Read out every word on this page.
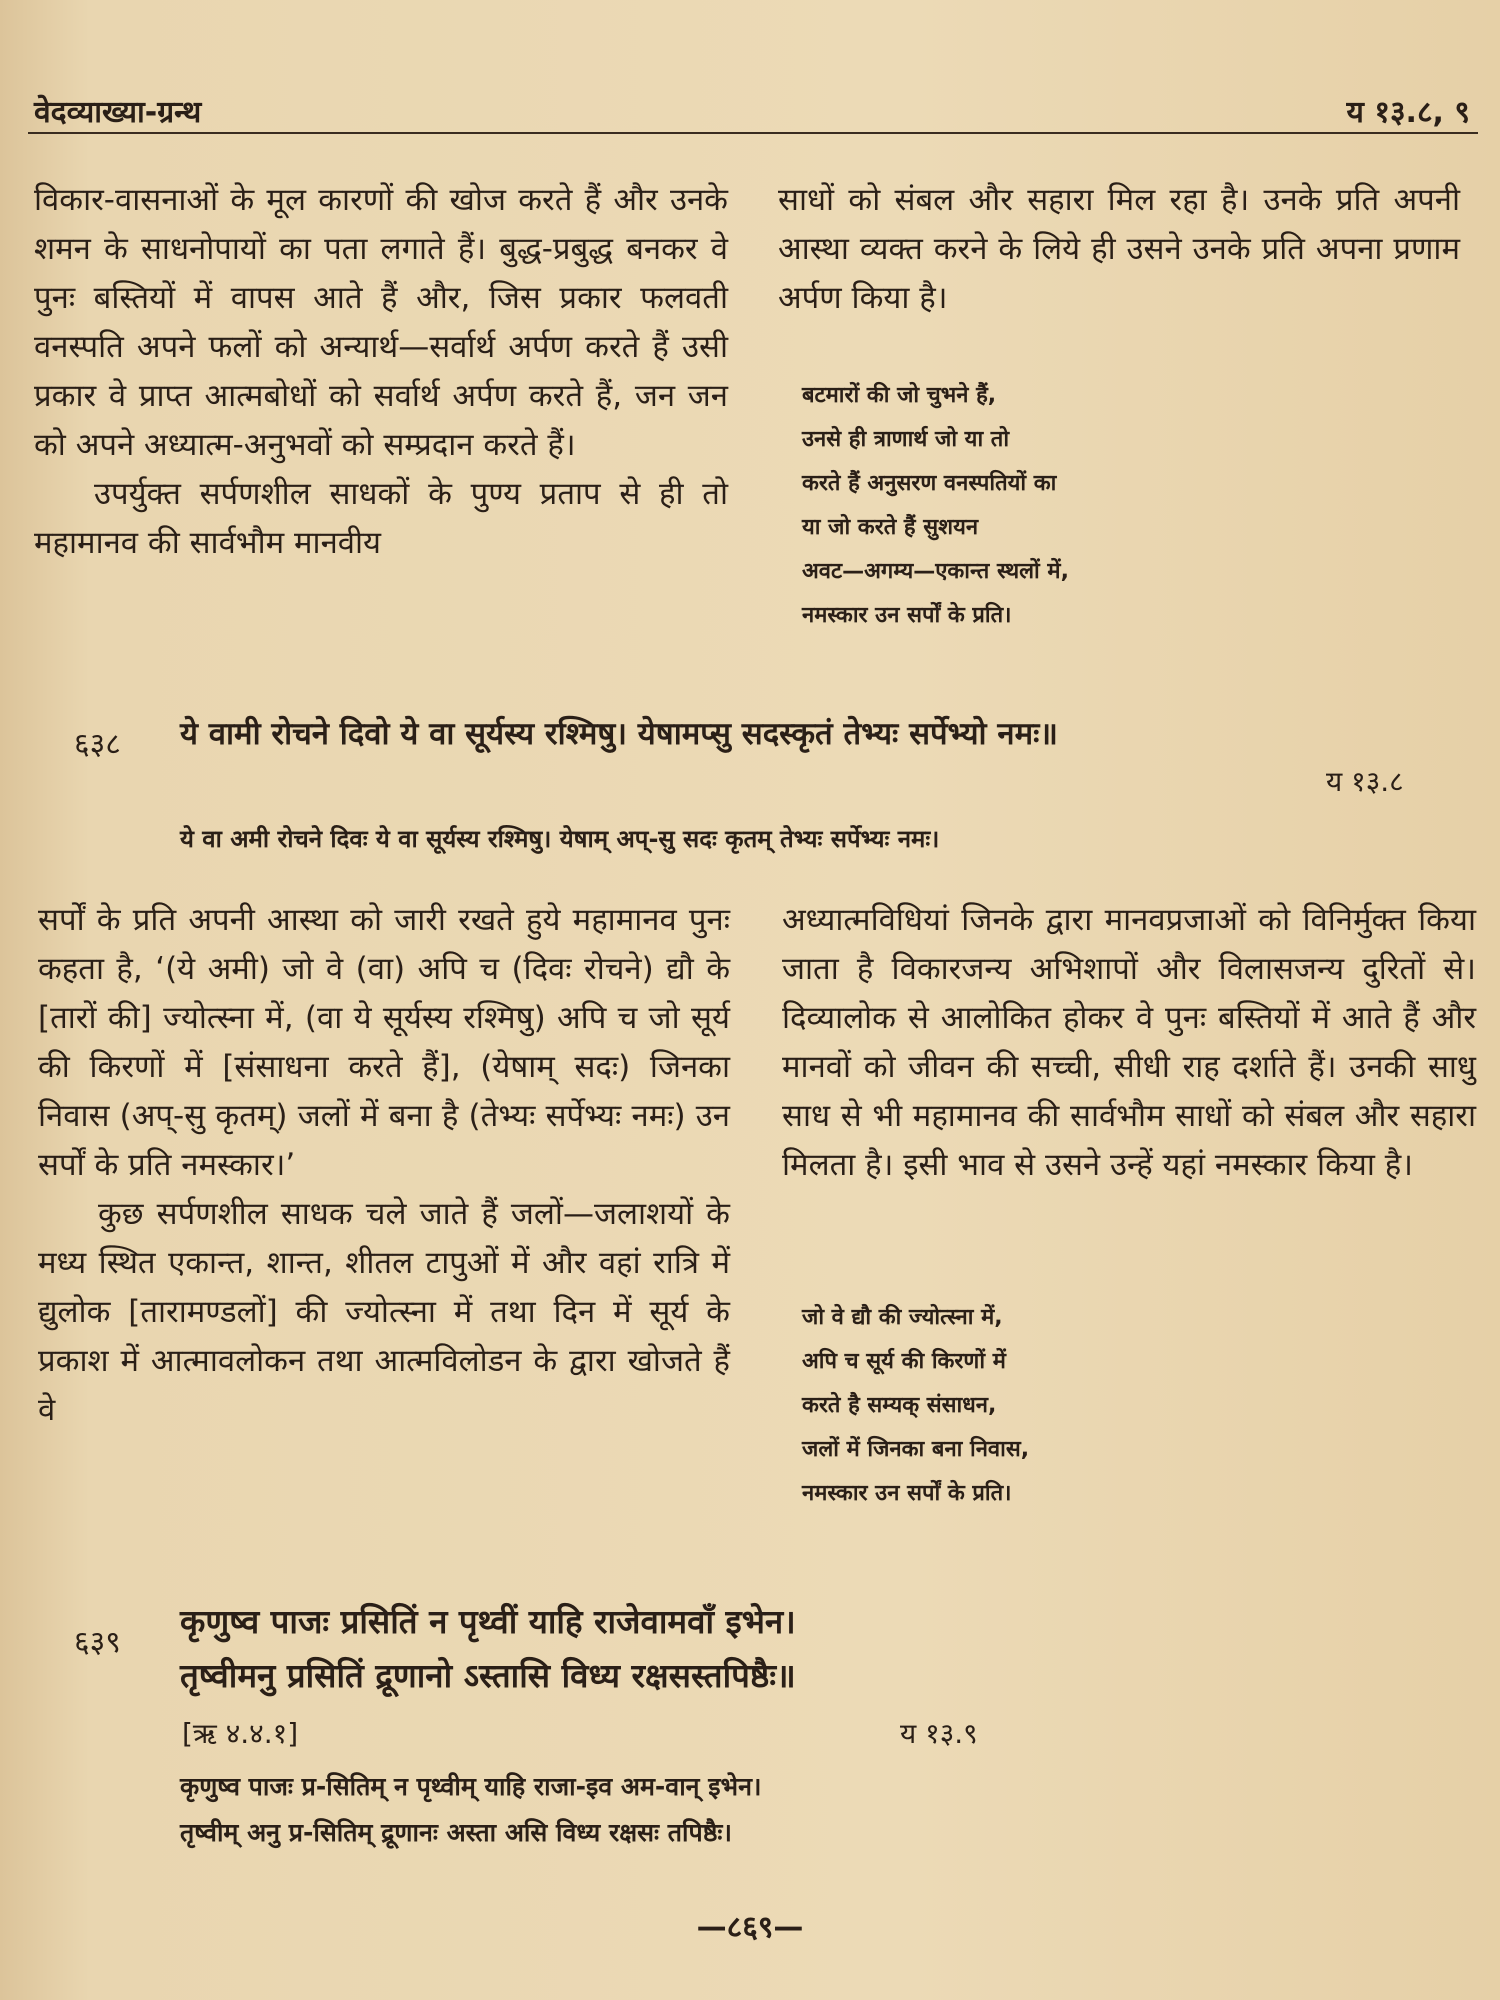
वेदव्याख्या-ग्रन्थ	य १३.८, ९

विकार-वासनाओं के मूल कारणों की खोज करते हैं और उनके शमन के साधनोपायों का पता लगाते हैं। बुद्ध-प्रबुद्ध बनकर वे पुनः बस्तियों में वापस आते हैं और, जिस प्रकार फलवती वनस्पति अपने फलों को अन्यार्थ—सर्वार्थ अर्पण करते हैं उसी प्रकार वे प्राप्त आत्मबोधों को सर्वार्थ अर्पण करते हैं, जन जन को अपने अध्यात्म-अनुभवों को सम्प्रदान करते हैं।

उपर्युक्त सर्पणशील साधकों के पुण्य प्रताप से ही तो महामानव की सार्वभौम मानवीय

साधों को संबल और सहारा मिल रहा है। उनके प्रति अपनी आस्था व्यक्त करने के लिये ही उसने उनके प्रति अपना प्रणाम अर्पण किया है।

बटमारों की जो चुभने हैं,
उनसे ही त्राणार्थ जो या तो
करते हैं अनुसरण वनस्पतियों का
या जो करते हैं सुशयन
अवट—अगम्य—एकान्त स्थलों में,
नमस्कार उन सर्पों के प्रति।
६३८ ये वामी रोचने दिवो ये वा सूर्यस्य रश्मिषु। येषामप्सु सदस्कृतं तेभ्यः सर्पेभ्यो नमः॥
य १३.८
ये वा अमी रोचने दिवः ये वा सूर्यस्य रश्मिषु। येषाम् अप्-सु सदः कृतम् तेभ्यः सर्पेभ्यः नमः।

सर्पों के प्रति अपनी आस्था को जारी रखते हुये महामानव पुनः कहता है, ‘(ये अमी) जो वे (वा) अपि च (दिवः रोचने) द्यौ के [तारों की] ज्योत्स्ना में, (वा ये सूर्यस्य रश्मिषु) अपि च जो सूर्य की किरणों में [संसाधना करते हैं], (येषाम् सदः) जिनका निवास (अप्-सु कृतम्) जलों में बना है (तेभ्यः सर्पेभ्यः नमः) उन सर्पों के प्रति नमस्कार।’

कुछ सर्पणशील साधक चले जाते हैं जलों—जलाशयों के मध्य स्थित एकान्त, शान्त, शीतल टापुओं में और वहां रात्रि में द्युलोक [तारामण्डलों] की ज्योत्स्ना में तथा दिन में सूर्य के प्रकाश में आत्मावलोकन तथा आत्मविलोडन के द्वारा खोजते हैं वे

अध्यात्मविधियां जिनके द्वारा मानवप्रजाओं को विनिर्मुक्त किया जाता है विकारजन्य अभिशापों और विलासजन्य दुरितों से। दिव्यालोक से आलोकित होकर वे पुनः बस्तियों में आते हैं और मानवों को जीवन की सच्ची, सीधी राह दर्शाते हैं। उनकी साधु साध से भी महामानव की सार्वभौम साधों को संबल और सहारा मिलता है। इसी भाव से उसने उन्हें यहां नमस्कार किया है।

जो वे द्यौ की ज्योत्स्ना में,
अपि च सूर्य की किरणों में
करते है सम्यक् संसाधन,
जलों में जिनका बना निवास,
नमस्कार उन सर्पों के प्रति।
६३९
कृणुष्व पाजः प्रसितिं न पृथ्वीं याहि राजेवामवाँ इभेन।
तृष्वीमनु प्रसितिं द्रूणानो ऽस्तासि विध्य रक्षसस्तपिष्ठैः॥
[ऋ ४.४.१]	य १३.९
कृणुष्व पाजः प्र-सितिम् न पृथ्वीम् याहि राजा-इव अम-वान् इभेन।
तृष्वीम् अनु प्र-सितिम् द्रूणानः अस्ता असि विध्य रक्षसः तपिष्ठैः।
—८६९—
